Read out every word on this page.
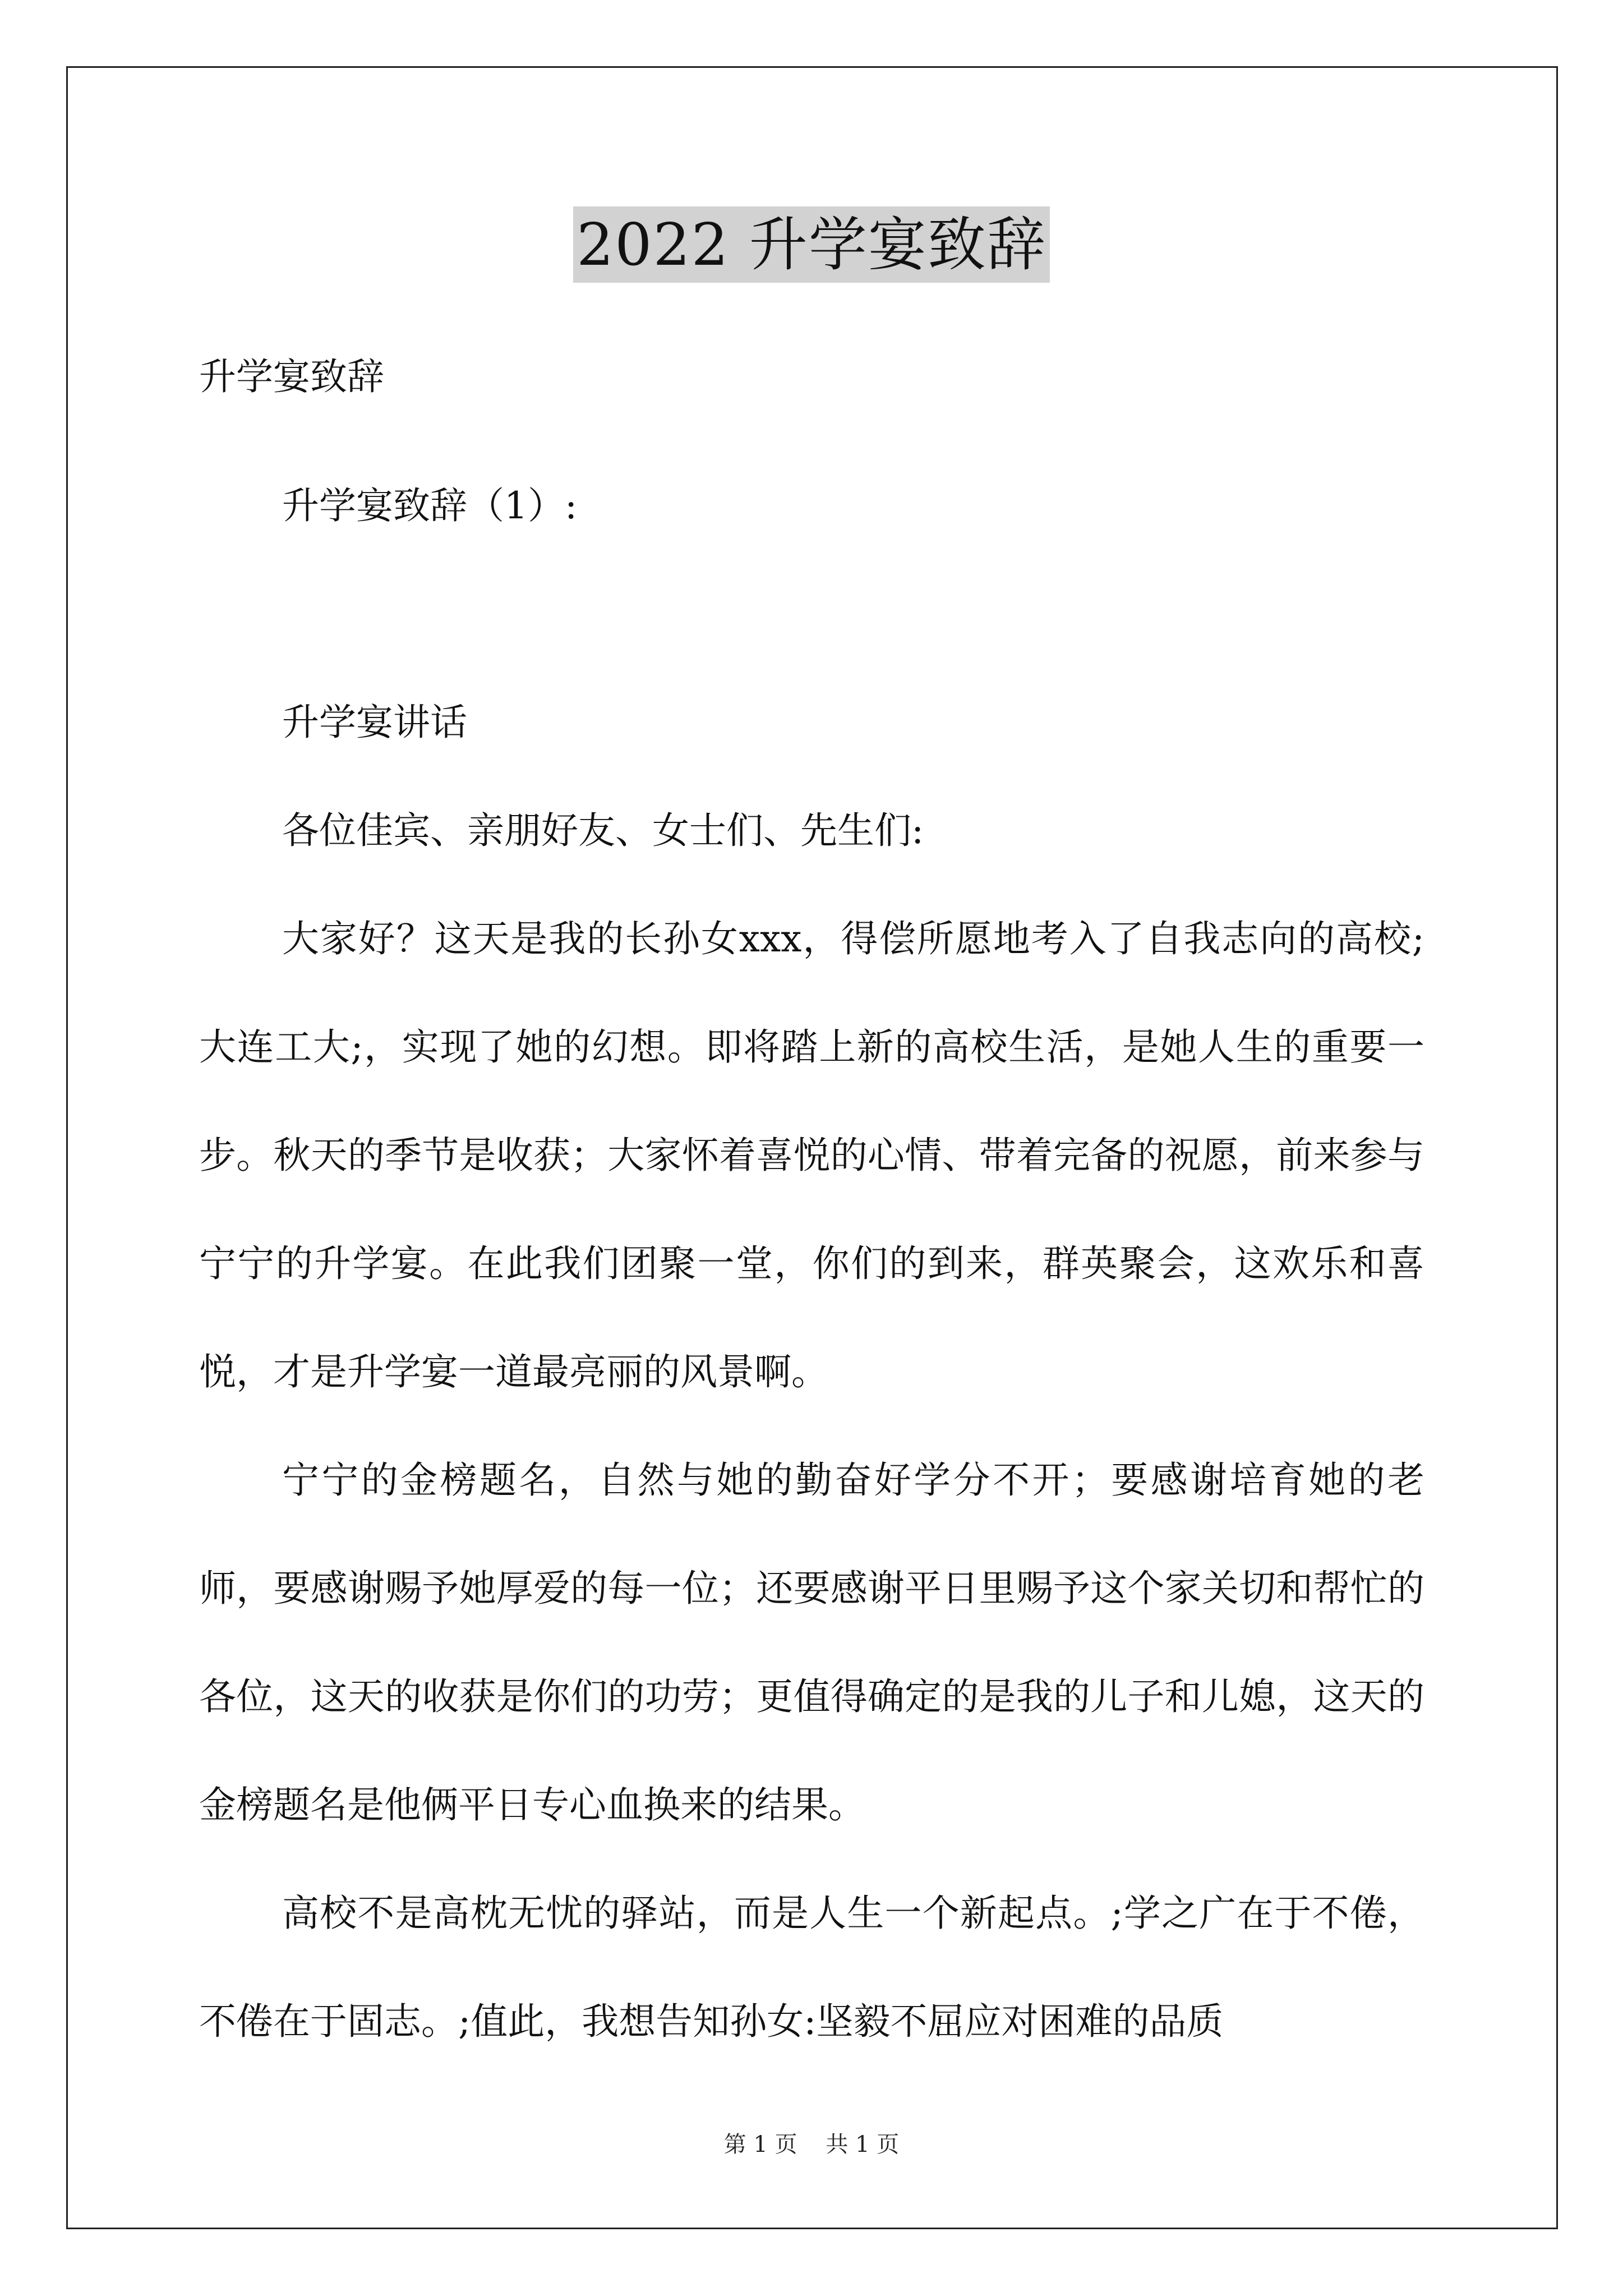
2022 升学宴致辞
升学宴致辞

升学宴致辞（1）:

升学宴讲话

各位佳宾、亲朋好友、女士们、先生们:

大家好？这天是我的长孙女xxx，得偿所愿地考入了自我志向的高校;大连工大;，实现了她的幻想。即将踏上新的高校生活，是她人生的重要一步。秋天的季节是收获；大家怀着喜悦的心情、带着完备的祝愿，前来参与宁宁的升学宴。在此我们团聚一堂，你们的到来，群英聚会，这欢乐和喜悦，才是升学宴一道最亮丽的风景啊。

宁宁的金榜题名，自然与她的勤奋好学分不开；要感谢培育她的老师，要感谢赐予她厚爱的每一位；还要感谢平日里赐予这个家关切和帮忙的各位，这天的收获是你们的功劳；更值得确定的是我的儿子和儿媳，这天的金榜题名是他俩平日专心血换来的结果。

高校不是高枕无忧的驿站，而是人生一个新起点。;学之广在于不倦，不倦在于固志。;值此，我想告知孙女:坚毅不屈应对困难的品质

第 1 页    共 1 页
